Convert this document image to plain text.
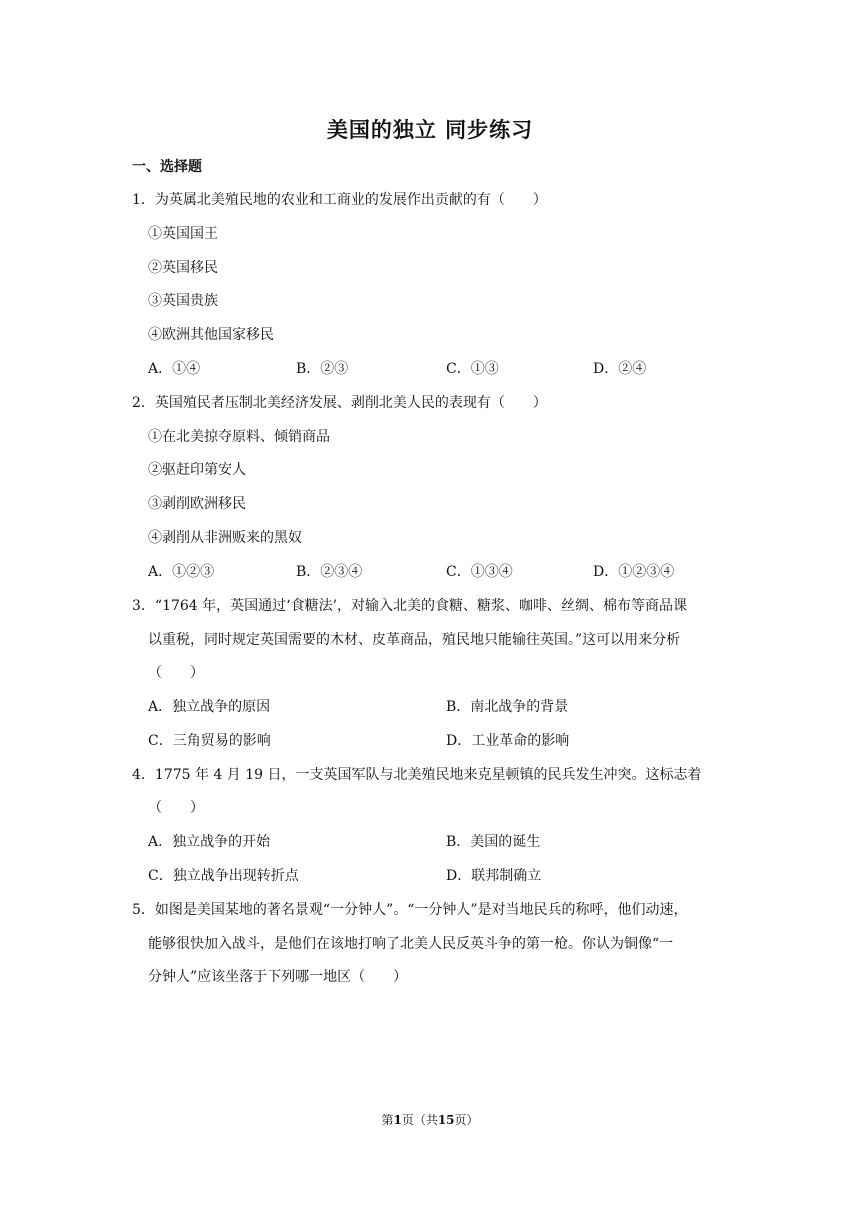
美国的独立 同步练习
一、选择题
1．为英属北美殖民地的农业和工商业的发展作出贡献的有（　　）
①英国国王
②英国移民
③英国贵族
④欧洲其他国家移民
A．①④	B．②③	C．①③	D．②④
2．英国殖民者压制北美经济发展、剥削北美人民的表现有（　　）
①在北美掠夺原料、倾销商品
②驱赶印第安人
③剥削欧洲移民
④剥削从非洲贩来的黑奴
A．①②③	B．②③④	C．①③④	D．①②③④
3．“1764 年，英国通过‘食糖法’，对输入北美的食糖、糖浆、咖啡、丝绸、棉布等商品课
以重税，同时规定英国需要的木材、皮革商品，殖民地只能输往英国。”这可以用来分析
（　　）
A．独立战争的原因	B．南北战争的背景
C．三角贸易的影响	D．工业革命的影响
4．1775 年 4 月 19 日，一支英国军队与北美殖民地来克星顿镇的民兵发生冲突。这标志着
（　　）
A．独立战争的开始	B．美国的诞生
C．独立战争出现转折点	D．联邦制确立
5．如图是美国某地的著名景观“一分钟人”。“一分钟人”是对当地民兵的称呼，他们动速，
能够很快加入战斗，是他们在该地打响了北美人民反英斗争的第一枪。你认为铜像“一
分钟人”应该坐落于下列哪一地区（　　）
第1页（共15页）
